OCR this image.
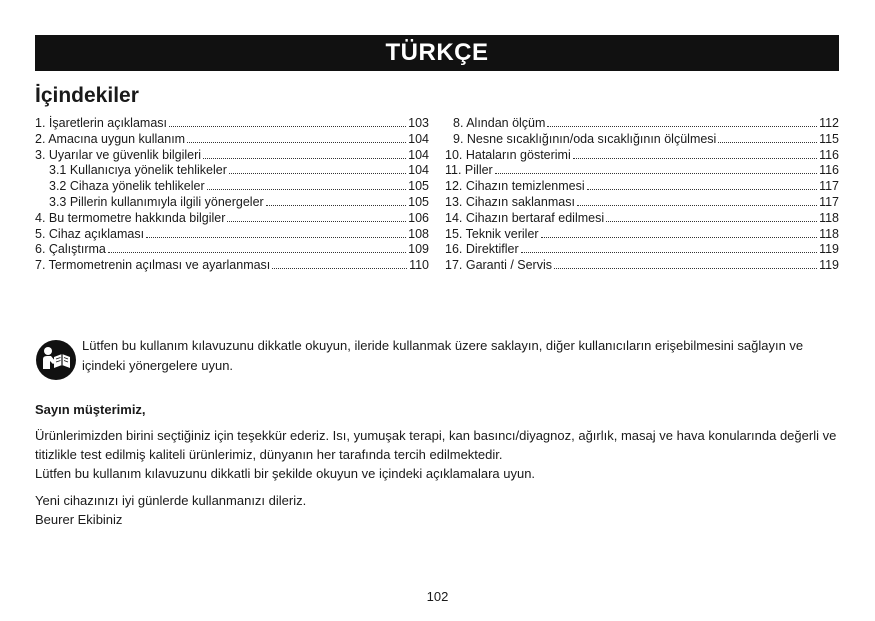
TÜRKÇE
İçindekiler
1. İşaretlerin açıklaması	103
2. Amacına uygun kullanım	104
3. Uyarılar ve güvenlik bilgileri	104
3.1 Kullanıcıya yönelik tehlikeler	104
3.2 Cihaza yönelik tehlikeler	105
3.3 Pillerin kullanımıyla ilgili yönergeler	105
4. Bu termometre hakkında bilgiler	106
5. Cihaz açıklaması	108
6. Çalıştırma	109
7. Termometrenin açılması ve ayarlanması	110
8. Alından ölçüm	112
9. Nesne sıcaklığının/oda sıcaklığının ölçülmesi	115
10. Hataların gösterimi	116
11. Piller	116
12. Cihazın temizlenmesi	117
13. Cihazın saklanması	117
14. Cihazın bertaraf edilmesi	118
15. Teknik veriler	118
16. Direktifler	119
17. Garanti / Servis	119

Lütfen bu kullanım kılavuzunu dikkatle okuyun, ileride kullanmak üzere saklayın, diğer kullanıcıların erişebilmesini sağlayın ve içindeki yönergelere uyun.

Sayın müşterimiz,

Ürünlerimizden birini seçtiğiniz için teşekkür ederiz. Isı, yumuşak terapi, kan basıncı/diyagnoz, ağırlık, masaj ve hava konularında değerli ve titizlikle test edilmiş kaliteli ürünlerimiz, dünyanın her tarafında tercih edilmektedir.

Lütfen bu kullanım kılavuzunu dikkatli bir şekilde okuyun ve içindeki açıklamalara uyun.

Yeni cihazınızı iyi günlerde kullanmanızı dileriz.

Beurer Ekibiniz

102
